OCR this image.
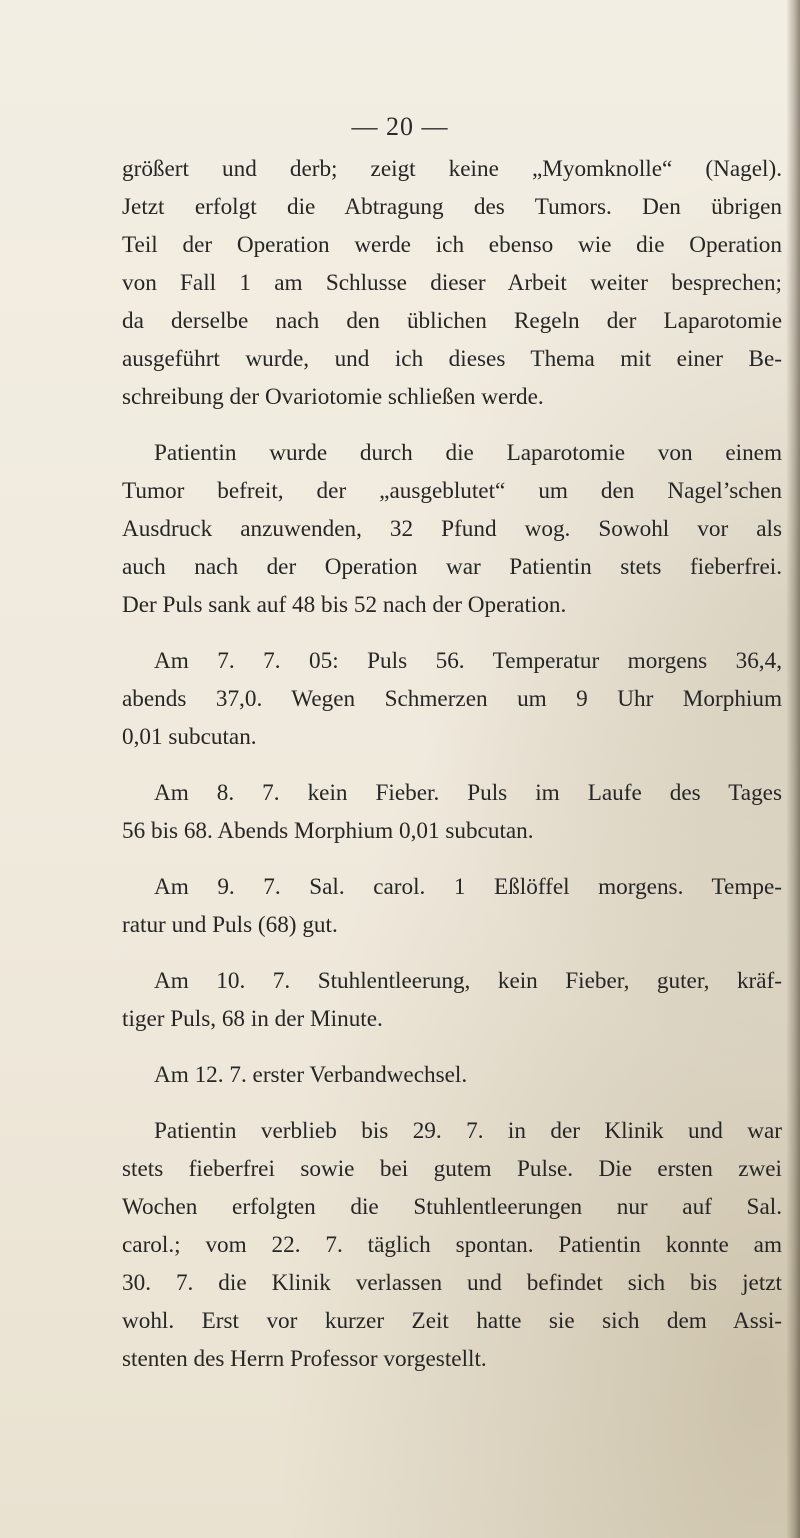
— 20 —
größert und derb; zeigt keine „Myomknolle“ (Nagel).
Jetzt erfolgt die Abtragung des Tumors. Den übrigen
Teil der Operation werde ich ebenso wie die Operation
von Fall 1 am Schlusse dieser Arbeit weiter besprechen;
da derselbe nach den üblichen Regeln der Laparotomie
ausgeführt wurde, und ich dieses Thema mit einer Be-
schreibung der Ovariotomie schließen werde.
Patientin wurde durch die Laparotomie von einem
Tumor befreit, der „ausgeblutet“ um den Nagel’schen
Ausdruck anzuwenden, 32 Pfund wog. Sowohl vor als
auch nach der Operation war Patientin stets fieberfrei.
Der Puls sank auf 48 bis 52 nach der Operation.
Am 7. 7. 05: Puls 56. Temperatur morgens 36,4,
abends 37,0. Wegen Schmerzen um 9 Uhr Morphium
0,01 subcutan.
Am 8. 7. kein Fieber. Puls im Laufe des Tages
56 bis 68. Abends Morphium 0,01 subcutan.
Am 9. 7. Sal. carol. 1 Eßlöffel morgens. Tempe-
ratur und Puls (68) gut.
Am 10. 7. Stuhlentleerung, kein Fieber, guter, kräf-
tiger Puls, 68 in der Minute.
Am 12. 7. erster Verbandwechsel.
Patientin verblieb bis 29. 7. in der Klinik und war
stets fieberfrei sowie bei gutem Pulse. Die ersten zwei
Wochen erfolgten die Stuhlentleerungen nur auf Sal.
carol.; vom 22. 7. täglich spontan. Patientin konnte am
30. 7. die Klinik verlassen und befindet sich bis jetzt
wohl. Erst vor kurzer Zeit hatte sie sich dem Assi-
stenten des Herrn Professor vorgestellt.
